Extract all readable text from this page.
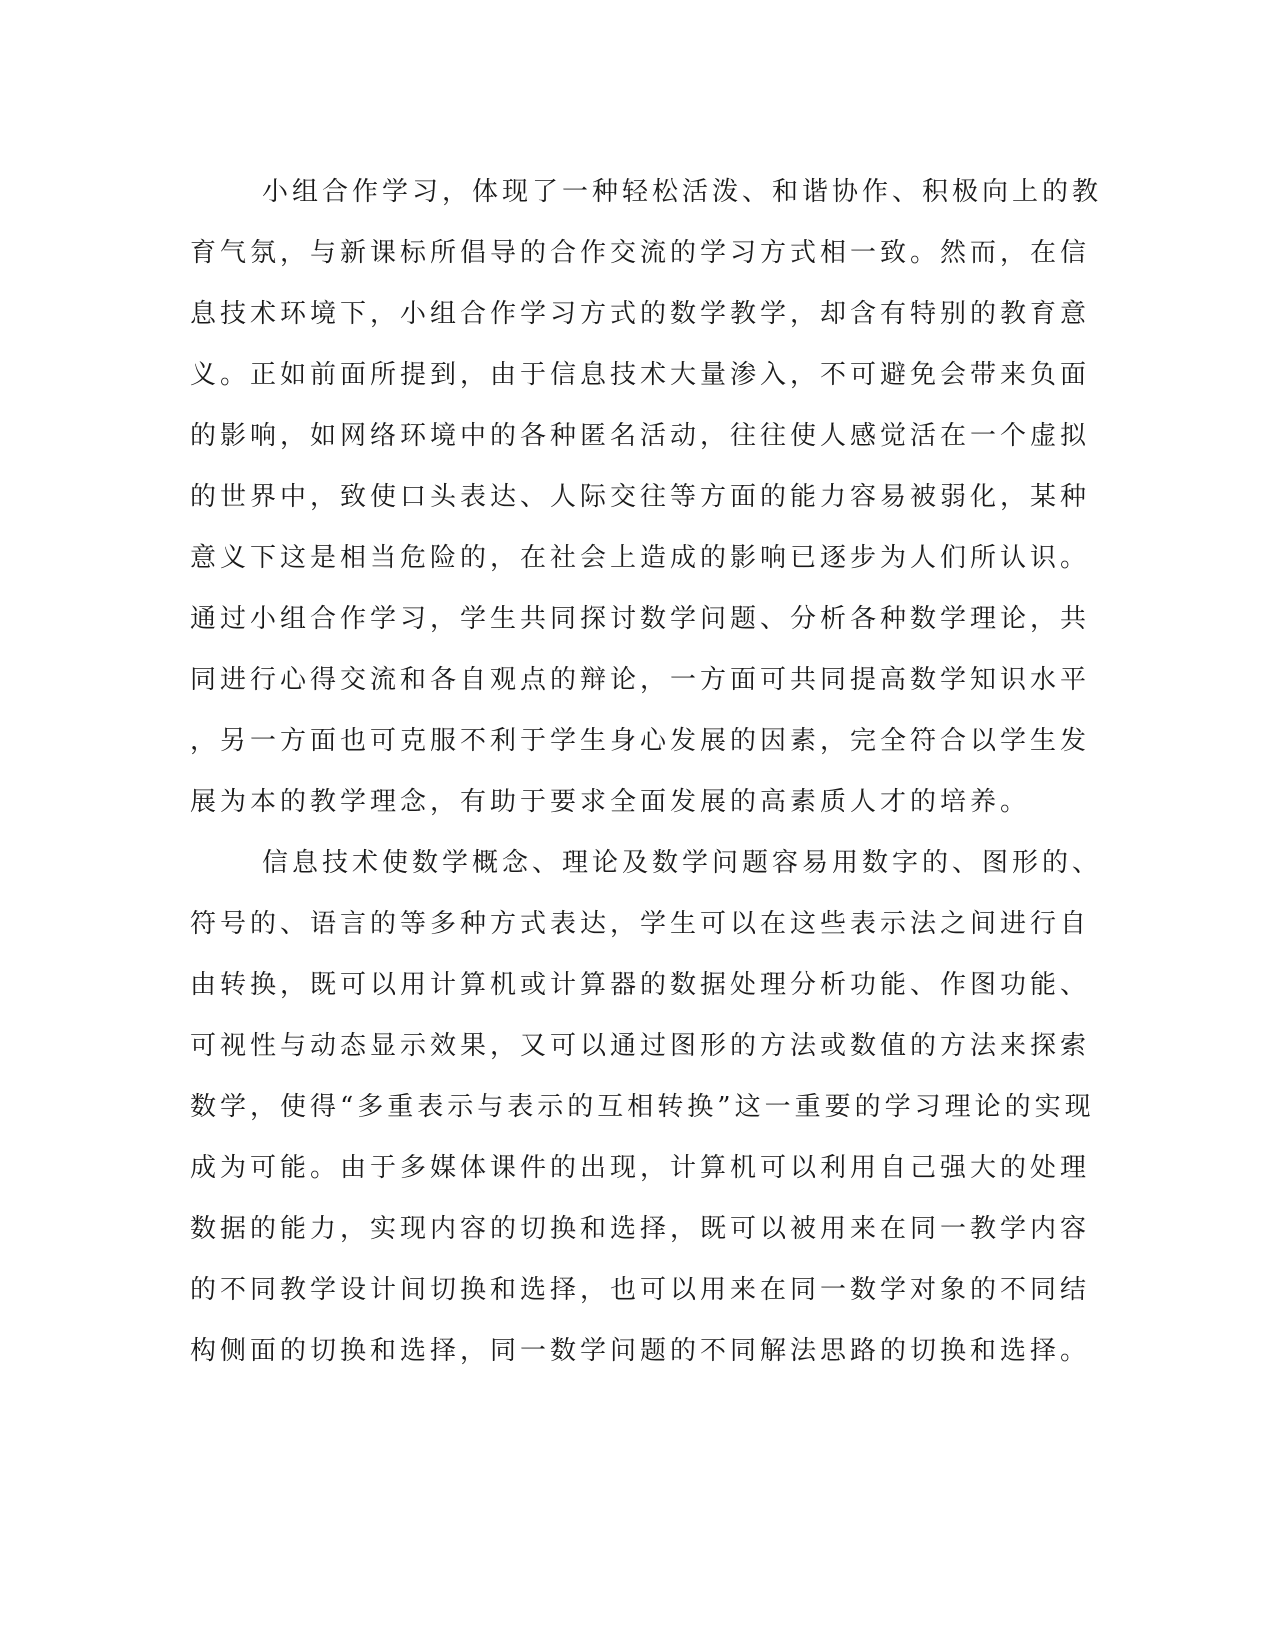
小组合作学习，体现了一种轻松活泼、和谐协作、积极向上的教
育气氛，与新课标所倡导的合作交流的学习方式相一致。然而，在信
息技术环境下，小组合作学习方式的数学教学，却含有特别的教育意
义。正如前面所提到，由于信息技术大量渗入，不可避免会带来负面
的影响，如网络环境中的各种匿名活动，往往使人感觉活在一个虚拟
的世界中，致使口头表达、人际交往等方面的能力容易被弱化，某种
意义下这是相当危险的，在社会上造成的影响已逐步为人们所认识。
通过小组合作学习，学生共同探讨数学问题、分析各种数学理论，共
同进行心得交流和各自观点的辩论，一方面可共同提高数学知识水平
，另一方面也可克服不利于学生身心发展的因素，完全符合以学生发
展为本的教学理念，有助于要求全面发展的高素质人才的培养。
信息技术使数学概念、理论及数学问题容易用数字的、图形的、
符号的、语言的等多种方式表达，学生可以在这些表示法之间进行自
由转换，既可以用计算机或计算器的数据处理分析功能、作图功能、
可视性与动态显示效果，又可以通过图形的方法或数值的方法来探索
数学，使得“多重表示与表示的互相转换”这一重要的学习理论的实现
成为可能。由于多媒体课件的出现，计算机可以利用自己强大的处理
数据的能力，实现内容的切换和选择，既可以被用来在同一教学内容
的不同教学设计间切换和选择，也可以用来在同一数学对象的不同结
构侧面的切换和选择，同一数学问题的不同解法思路的切换和选择。
